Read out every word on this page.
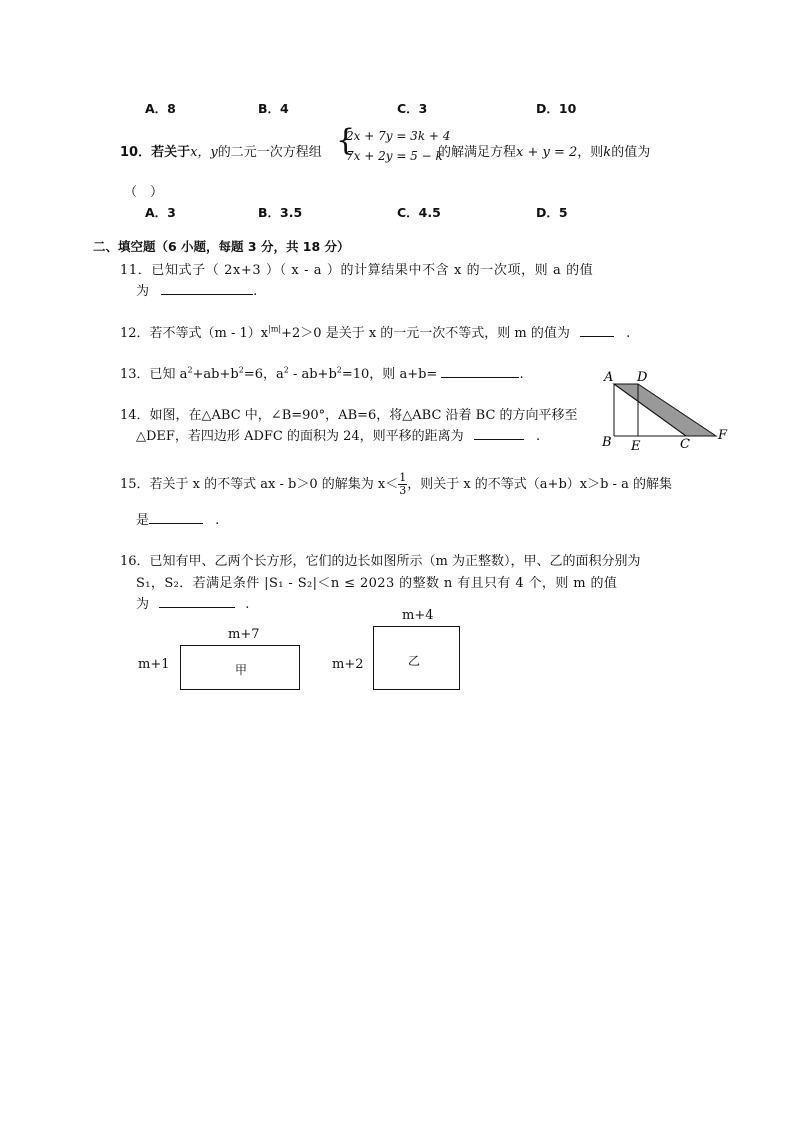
A．8	B．4	C．3	D．10
10．若关于x，y的二元一次方程组 {
2x + 7y = 3k + 4
7x + 2y = 5 − k
的解满足方程x + y = 2，则k的值为
（　）
A．3	B．3.5	C．4.5	D．5
二、填空题（6 小题，每题 3 分，共 18 分）
11．已知式子（ 2x+3 ）（ x - a ）的计算结果中不含 x 的一次项，则 a 的值
为	.
12．若不等式$(m - 1)x^{|m|}+2>0$ 是关于 x 的一元一次不等式，则 m 的值为	.
13．已知 $a^2+ab+b^2=6$，$a^2 - ab+b^2=10$，则 a+b=	.
14．如图，在△ABC 中，∠B=90°，AB=6，将△ABC 沿着 BC 的方向平移至
△DEF，若四边形 ADFC 的面积为 24，则平移的距离为	.
A D
B E	C
F
15．若关于 x 的不等式 ax - b＞0 的解集为 $x< \frac{1}{3}$ ，则关于 x 的不等式（a+b）x＞b - a 的解集
是	.
16．已知有甲、乙两个长方形，它们的边长如图所示（m 为正整数），甲、乙的面积分别为
S₁，S₂．若满足条件 |S₁ - S₂|＜n ≤ 2023 的整数 n 有且只有 4 个，则 m 的值
为	.
m+7
m+1	甲
m+4
m+2	乙
